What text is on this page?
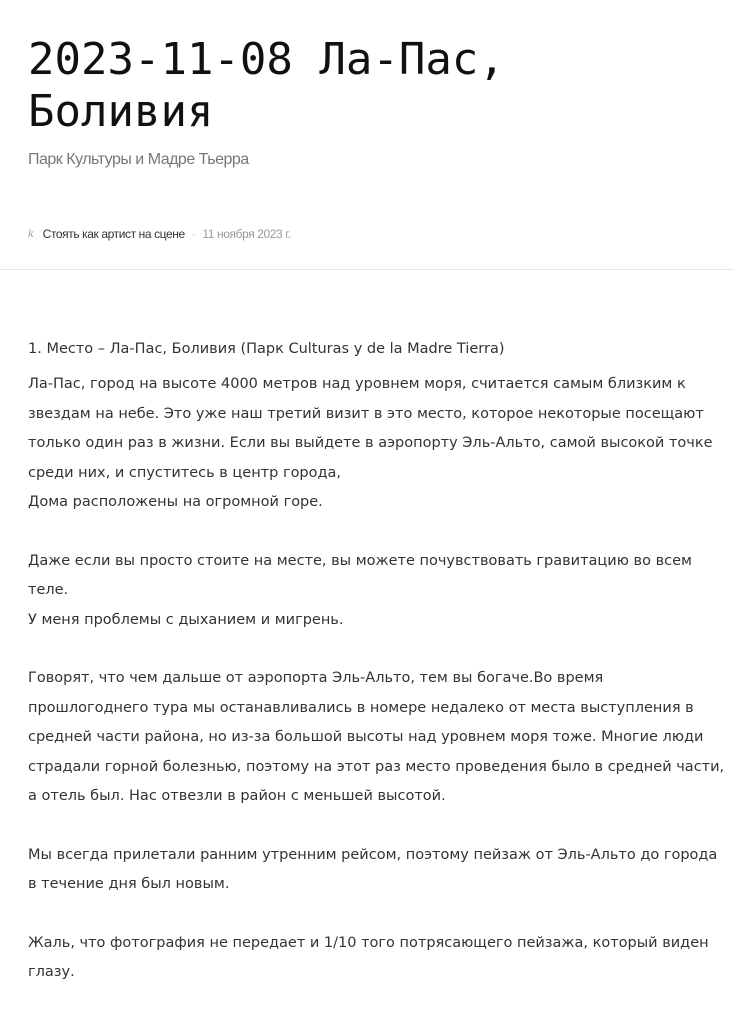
2023-11-08 Ла-Пас,
Боливия
Парк Культуры и Мадре Тьерра
k Стоять как артист на сцене · 11 ноября 2023 г.

1. Место – Ла-Пас, Боливия (Парк Culturas y de la Madre Tierra)

Ла-Пас, город на высоте 4000 метров над уровнем моря, считается самым близким к звездам на небе. Это уже наш третий визит в это место, которое некоторые посещают только один раз в жизни. Если вы выйдете в аэропорту Эль-Альто, самой высокой точке среди них, и спуститесь в центр города,
Дома расположены на огромной горе.

Даже если вы просто стоите на месте, вы можете почувствовать гравитацию во всем теле.
У меня проблемы с дыханием и мигрень.

Говорят, что чем дальше от аэропорта Эль-Альто, тем вы богаче.Во время прошлогоднего тура мы останавливались в номере недалеко от места выступления в средней части района, но из-за большой высоты над уровнем моря тоже. Многие люди страдали горной болезнью, поэтому на этот раз место проведения было в средней части, а отель был. Нас отвезли в район с меньшей высотой.

Мы всегда прилетали ранним утренним рейсом, поэтому пейзаж от Эль-Альто до города в течение дня был новым.

Жаль, что фотография не передает и 1/10 того потрясающего пейзажа, который виден глазу.
